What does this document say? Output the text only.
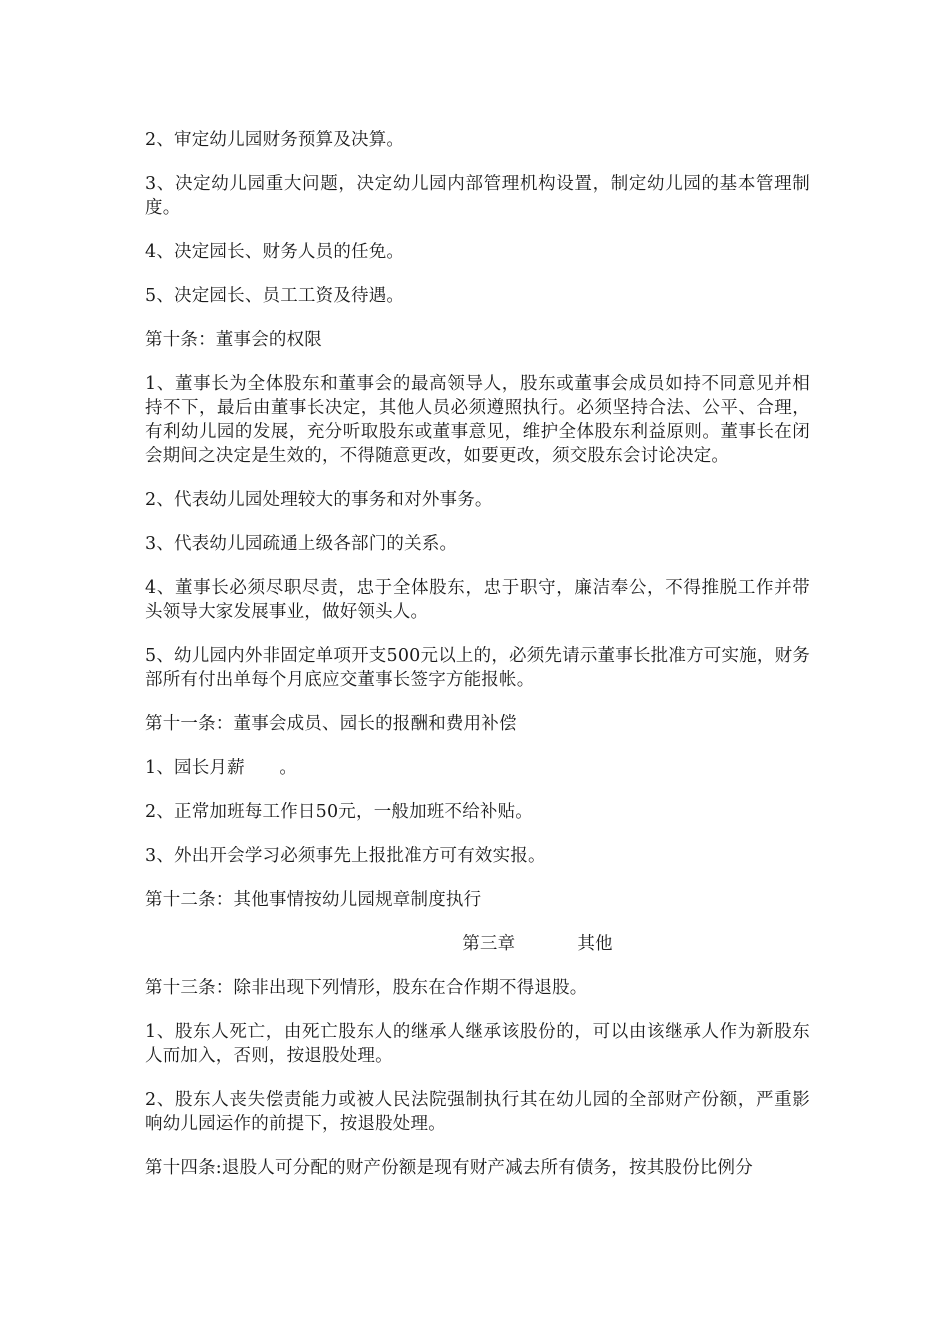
2、审定幼儿园财务预算及决算。

3、决定幼儿园重大问题，决定幼儿园内部管理机构设置，制定幼儿园的基本管理制度。

4、决定园长、财务人员的任免。

5、决定园长、员工工资及待遇。

第十条：董事会的权限

1、董事长为全体股东和董事会的最高领导人，股东或董事会成员如持不同意见并相持不下，最后由董事长决定，其他人员必须遵照执行。必须坚持合法、公平、合理，有利幼儿园的发展，充分听取股东或董事意见，维护全体股东利益原则。董事长在闭会期间之决定是生效的，不得随意更改，如要更改，须交股东会讨论决定。

2、代表幼儿园处理较大的事务和对外事务。

3、代表幼儿园疏通上级各部门的关系。

4、董事长必须尽职尽责，忠于全体股东，忠于职守，廉洁奉公，不得推脱工作并带头领导大家发展事业，做好领头人。

5、幼儿园内外非固定单项开支500元以上的，必须先请示董事长批准方可实施，财务部所有付出单每个月底应交董事长签字方能报帐。

第十一条：董事会成员、园长的报酬和费用补偿

1、园长月薪      。

2、正常加班每工作日50元，一般加班不给补贴。

3、外出开会学习必须事先上报批准方可有效实报。

第十二条：其他事情按幼儿园规章制度执行

第三章	其他

第十三条：除非出现下列情形，股东在合作期不得退股。

1、股东人死亡，由死亡股东人的继承人继承该股份的，可以由该继承人作为新股东人而加入，否则，按退股处理。

2、股东人丧失偿责能力或被人民法院强制执行其在幼儿园的全部财产份额，严重影响幼儿园运作的前提下，按退股处理。

第十四条:退股人可分配的财产份额是现有财产减去所有债务，按其股份比例分
